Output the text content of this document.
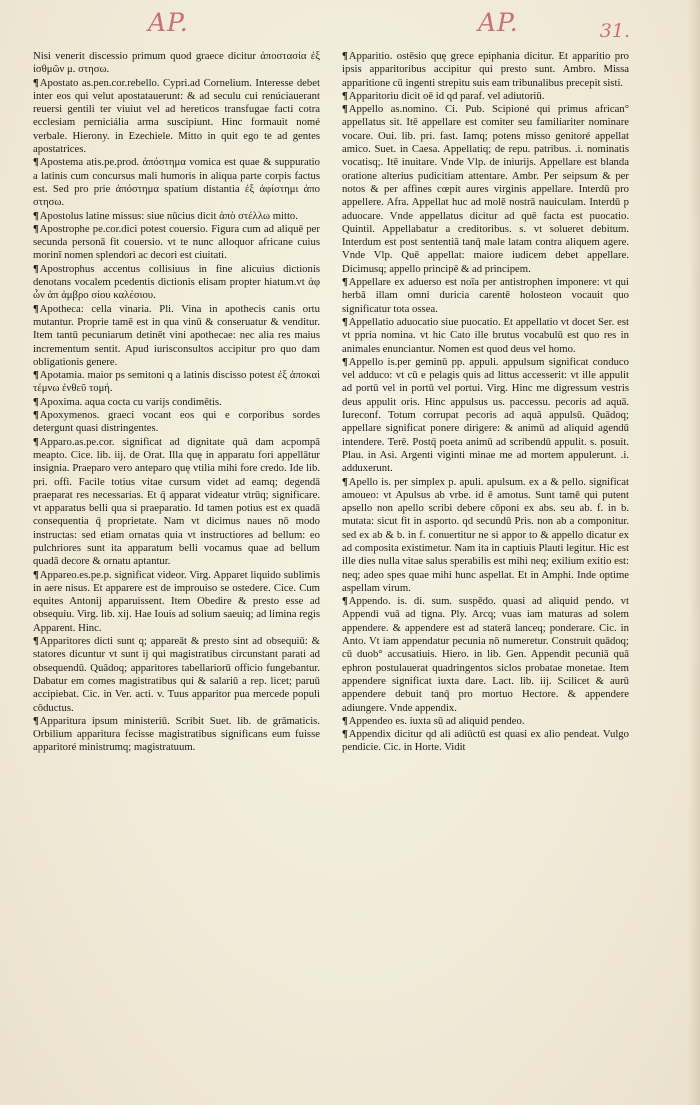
AP.	AP.	31.

Nisi venerit discessio primum quod graece dicitur ἀποστασία ἐξ ἰσθμῶν μ. στησω.

¶Apostato as.pen.cor.rebello. Cypri.ad Cornelium. Interesse debet inter eos qui velut apostatauerunt: & ad seculu cui renúciauerant reuersi gentili ter viuiut vel ad hereticos transfugae facti cotra ecclesiam perniciália arma suscipiunt. Hinc formauit nomé verbale. Hierony. in Ezechiele. Mitto in quit ego te ad gentes apostatrices.

¶Apostema atis.pe.prod. ἀπόστημα vomica est quae & suppuratio a latinis cum concursus mali humoris in aliqua parte corpis factus est. Sed pro prie ἀπόστημα spatium distantia ἐξ ἀφίστημι ἀπο στησω.

¶Apostolus latine missus: siue nūcius dicit ἀπὸ στέλλω mitto.

¶Apostrophe pe.cor.dici potest couersio. Figura cum ad aliquē per secunda personā fit couersio. vt te nunc alloquor africane cuius morinī nomen splendori ac decori est ciuitati.

¶Apostrophus accentus collisiuus in fine alicuius dictionis denotans vocalem pcedentis dictionis elisam propter hiatum.vt ἀφ ὧν ἀπ ἀμβρο σίου καλέσιου.

¶Apotheca: cella vinaria. Pli. Vina in apothecis canis ortu mutantur. Proprie tamē est in qua vinū & conseruatur & venditur. Item tantū pecuniarum detinēt vini apothecae: nec alia res maius incrementum sentit. Apud iurisconsultos accipitur pro quo dam obligationis genere.

¶Apotamia. maior ps semitoni q a latinis discisso potest ἐξ ἀποκαὶ τέμνω ἐνθεῦ τομή.

¶Apoxima. aqua cocta cu varijs condimētis.

¶Apoxymenos. graeci vocant eos qui e corporibus sordes detergunt quasi distringentes.

¶Apparo.as.pe.cor. significat ad dignitate quā dam acpompā meapto. Cice. lib. iij. de Orat. Illa quę in apparatu fori appellātur insignia. Praeparo vero anteparo quę vtilia mihi fore credo. Ide lib. pri. offi. Facile totius vitae cursum videt ad eamq; degendā praeparat res necessarias. Et q̄ apparat videatur vtrūq; significare. vt apparatus belli qua si praeparatio. Id tamen potius est ex quadā consequentia q̄ proprietate. Nam vt dicimus naues nō modo instructas: sed etiam ornatas quia vt instructiores ad bellum: eo pulchriores sunt ita apparatum belli vocamus quae ad bellum quadā decore & ornatu aptantur.

¶Appareo.es.pe.p. significat videor. Virg. Apparet liquido sublimis in aere nisus. Et apparere est de improuiso se ostedere. Cice. Cum equites Antonij apparuissent. Item Obedire & presto esse ad obsequiu. Virg. lib. xij. Hae Iouis ad solium saeuiq; ad limina regis Apparent. Hinc.

¶Apparitores dicti sunt q; appareāt & presto sint ad obsequiū: & statores dicuntur vt sunt ij qui magistratibus circunstant parati ad obsequendū. Quādoq; apparitores tabellariorū officio fungebantur. Dabatur em comes magistratibus qui & salariū a rep. licet; paruū accipiebat. Cic. in Ver. acti. v. Tuus apparitor pua mercede populi cōductus.

¶Apparitura ipsum ministeriū. Scribit Suet. lib. de grāmaticis. Orbilium apparitura fecisse magistratibus significans eum fuisse apparitoré ministrumq; magistratuum.

¶Apparitio. ostēsio quę grece epiphania dicitur. Et apparitio pro ipsis apparitoribus accipitur qui presto sunt. Ambro. Missa apparitione cū ingenti strepitu suis eam tribunalibus precepit sisti.

¶Apparitoriu dicit oē id qd paraf. vel adiutoriū.

¶Appello as.nomino. Ci. Pub. Scipioné qui primus african° appellatus sit. Itē appellare est comiter seu familiariter nominare vocare. Oui. lib. pri. fast. Iamq; potens misso genitoré appellat amico. Suet. in Caesa. Appellatiq; de repu. patribus. .i. nominatis vocatisq;. Itē inuitare. Vnde Vlp. de iniurijs. Appellare est blanda oratione alterius pudicitiam attentare. Ambr. Per seipsum & per notos & per affines cœpit aures virginis appellare. Interdū pro appellere. Afra. Appellat huc ad molē nostrā nauiculam. Interdū p aduocare. Vnde appellatus dicitur ad quē facta est puocatio. Quintil. Appellabatur a creditoribus. s. vt solueret debitum. Interdum est post sententiā tanq̄ male latam contra aliquem agere. Vnde Vlp. Quē appellat: maiore iudicem debet appellare. Dicimusq; appello principē & ad principem.

¶Appellare ex aduerso est noīa per antistrophen imponere: vt qui herbā illam omni duricia carentē holosteon vocauit quo significatur tota ossea.

¶Appellatio aduocatio siue puocatio. Et appellatio vt docet Ser. est vt ppria nomina. vt hic Cato ille brutus vocabulū est quo res in animales enunciantur. Nomen est quod deus vel homo.

¶Appello is.per geminū pp. appuli. appulsum significat conduco vel adduco: vt cū e pelagis quis ad littus accesserit: vt ille appulit ad portū vel in portū vel portui. Virg. Hinc me digressum vestris deus appulit oris. Hinc appulsus us. paccessu. pecoris ad aquā. Iureconf. Totum corrupat pecoris ad aquā appulsū. Quādoq; appellare significat ponere dirigere: & animū ad aliquid agendū intendere. Terē. Postq̄ poeta animū ad scribendū appulit. s. posuit. Plau. in Asi. Argenti viginti minae me ad mortem appulerunt. .i. adduxerunt.

¶Apello is. per simplex p. apuli. apulsum. ex a & pello. significat amoueo: vt Apulsus ab vrbe. id ē amotus. Sunt tamē qui putent apsello non apello scribi debere cōponi ex abs. seu ab. f. in b. mutata: sicut fit in asporto. qd secundū Pris. non ab a componitur. sed ex ab & b. in f. conuertitur ne si appor to & appello dicatur ex ad composita existimetur. Nam ita in captiuis Plauti legitur. Hic est ille dies nulla vitae salus sperabilis est mihi neq; exilium exitio est: neq; adeo spes quae mihi hunc aspellat. Et in Amphi. Inde optime aspellam virum.

¶Appendo. is. di. sum. suspēdo. quasi ad aliquid pendo. vt Appendi vuā ad tigna. Ply. Arcq; vuas iam maturas ad solem appendere. & appendere est ad staterā lanceq; ponderare. Cic. in Anto. Vt iam appendatur pecunia nō numeretur. Construit quādoq; cū duob° accusatiuis. Hiero. in lib. Gen. Appendit pecuniā quā ephron postulauerat quadringentos siclos probatae monetae. Item appendere significat iuxta dare. Lact. lib. iij. Scilicet & aurū appendere debuit tanq̄ pro mortuo Hectore. & appendere adiungere. Vnde appendix.

¶Appendeo es. iuxta sū ad aliquid pendeo.

¶Appendix dicitur qd ali adiūctū est quasi ex alio pendeat. Vulgo pendicie. Cic. in Horte. Vidit
